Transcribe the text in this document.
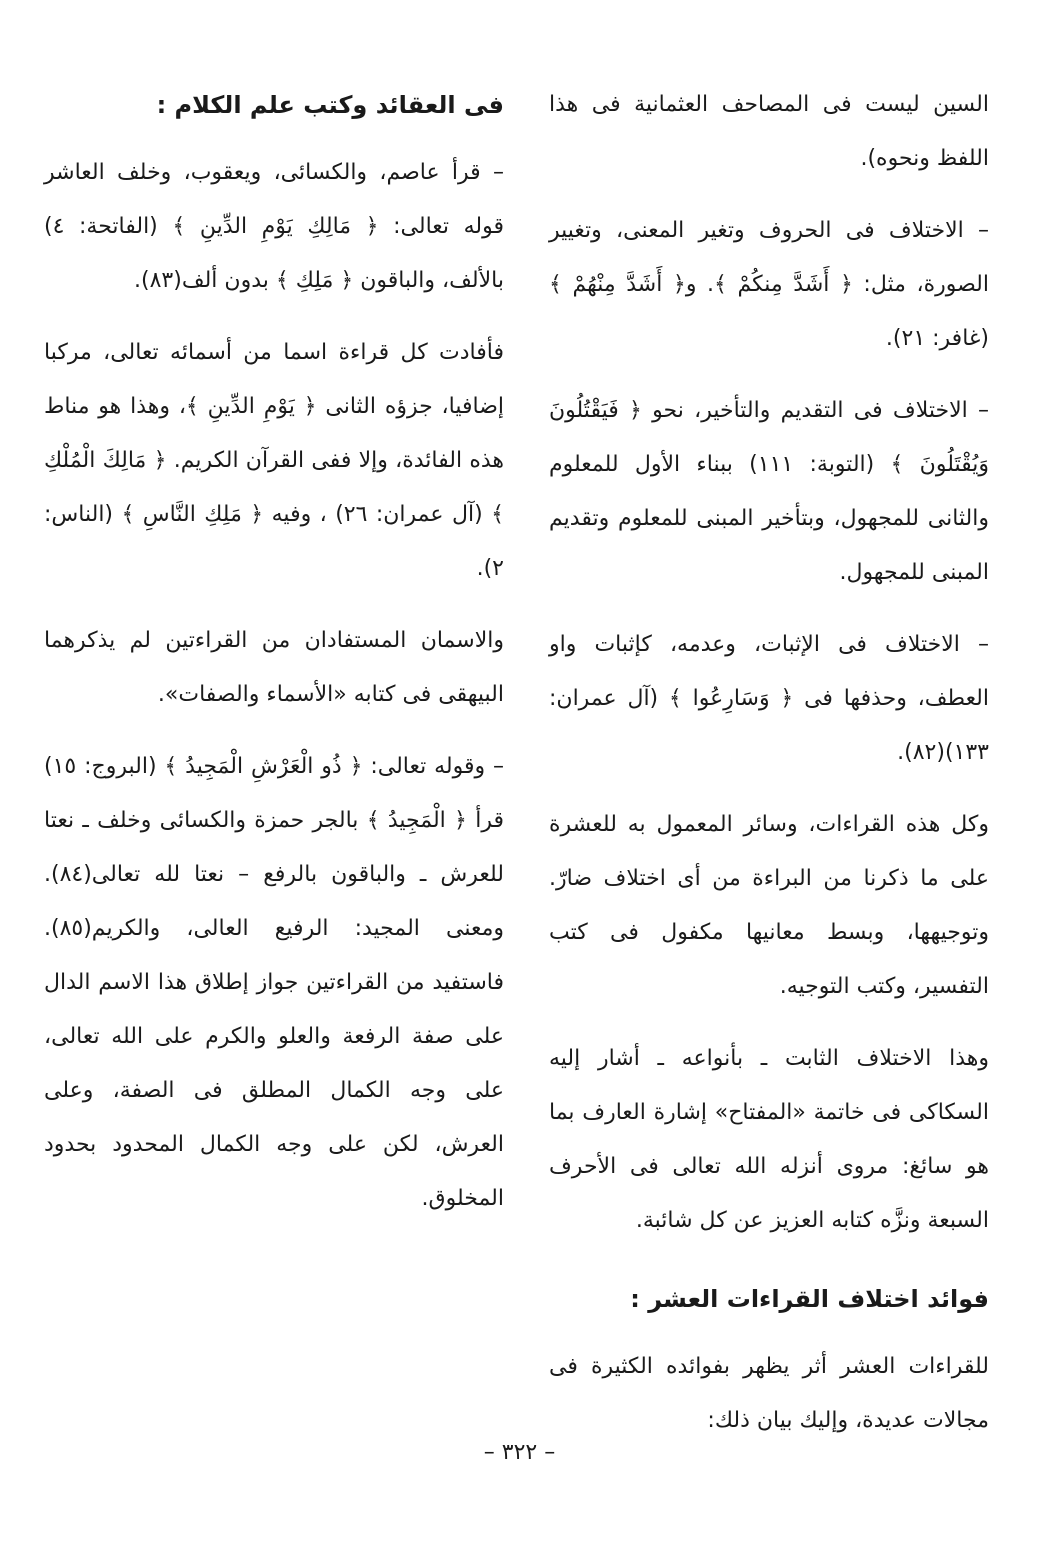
السين ليست فى المصاحف العثمانية فى هذا اللفظ ونحوه).

– الاختلاف فى الحروف وتغير المعنى، وتغيير الصورة، مثل: ﴿ أَشَدَّ مِنكُمْ ﴾. و﴿ أَشَدَّ مِنْهُمْ ﴾ (غافر: ٢١).

– الاختلاف فى التقديم والتأخير، نحو ﴿ فَيَقْتُلُونَ وَيُقْتَلُونَ ﴾ (التوبة: ١١١) ببناء الأول للمعلوم والثانى للمجهول، وبتأخير المبنى للمعلوم وتقديم المبنى للمجهول.

– الاختلاف فى الإثبات، وعدمه، كإثبات واو العطف، وحذفها فى ﴿ وَسَارِعُوا ﴾ (آل عمران: ١٣٣)(٨٢).

وكل هذه القراءات، وسائر المعمول به للعشرة على ما ذكرنا من البراءة من أى اختلاف ضارّ. وتوجيهها، وبسط معانيها مكفول فى كتب التفسير، وكتب التوجيه.

وهذا الاختلاف الثابت ـ بأنواعه ـ أشار إليه السكاكى فى خاتمة «المفتاح» إشارة العارف بما هو سائغ: مروى أنزله الله تعالى فى الأحرف السبعة ونزَّه كتابه العزيز عن كل شائبة.

فوائد اختلاف القراءات العشر :

للقراءات العشر أثر يظهر بفوائده الكثيرة فى مجالات عديدة، وإليك بيان ذلك:

فى العقائد وكتب علم الكلام :

– قرأ عاصم، والكسائى، ويعقوب، وخلف العاشر قوله تعالى: ﴿ مَالِكِ يَوْمِ الدِّينِ ﴾ (الفاتحة: ٤) بالألف، والباقون ﴿ مَلِكِ ﴾ بدون ألف(٨٣).

فأفادت كل قراءة اسما من أسمائه تعالى، مركبا إضافيا، جزؤه الثانى ﴿ يَوْمِ الدِّينِ ﴾، وهذا هو مناط هذه الفائدة، وإلا ففى القرآن الكريم. ﴿ مَالِكَ الْمُلْكِ ﴾ (آل عمران: ٢٦) ، وفيه ﴿ مَلِكِ النَّاسِ ﴾ (الناس: ٢).

والاسمان المستفادان من القراءتين لم يذكرهما البيهقى فى كتابه «الأسماء والصفات».

– وقوله تعالى: ﴿ ذُو الْعَرْشِ الْمَجِيدُ ﴾ (البروج: ١٥) قرأ ﴿ الْمَجِيدُ ﴾ بالجر حمزة والكسائى وخلف ـ نعتا للعرش ـ والباقون بالرفع – نعتا لله تعالى(٨٤). ومعنى المجيد: الرفيع العالى، والكريم(٨٥). فاستفيد من القراءتين جواز إطلاق هذا الاسم الدال على صفة الرفعة والعلو والكرم على الله تعالى، على وجه الكمال المطلق فى الصفة، وعلى العرش، لكن على وجه الكمال المحدود بحدود المخلوق.

– ٣٢٢ –
